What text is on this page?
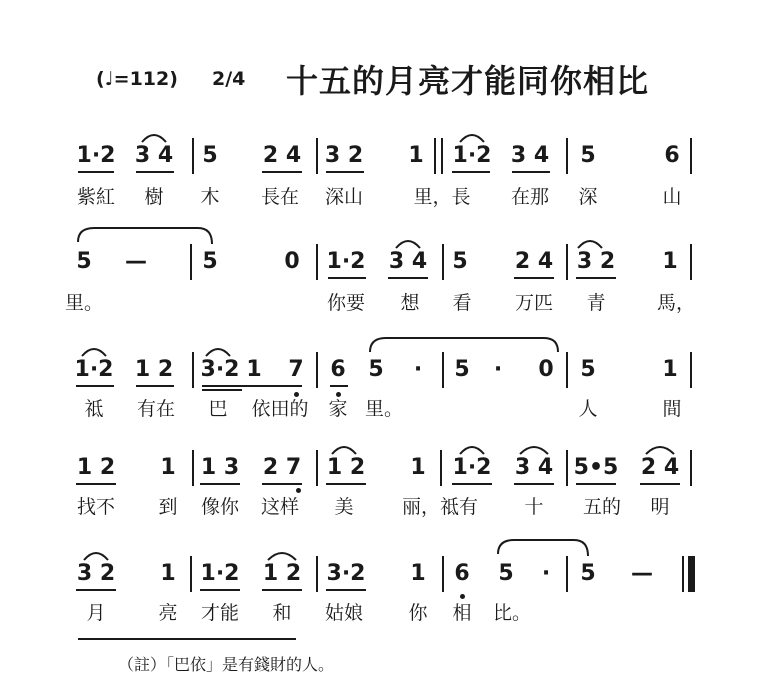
(♩=112) 2/4 十五的月亮才能同你相比
1·2 3 4 5 2 4 3 2 1 1·2 3 4 5	6
紫紅 樹 木 長在 深山	里，長 在那 深	山
5 —	5	0 1·2 3 4 5 2 4 3 2 1
里。	你要 想 看 万匹 青	馬，
1·2 1 2 3·2 1 7 6 5 · 5 · 0 5	1
祗 有在 巴 依田的 家 里。	人	間
1 2 1 1 3 2 7 1 2 1 1·2 3 4 5•5 2 4
找不 到 像你 这样 美	丽，祗有 十 五的 明
3 2 1 1·2 1 2 3·2 1 6 5 · 5 —
月	亮 才能 和 姑娘 你 相 比。
（註）「巴依」是有錢財的人。
